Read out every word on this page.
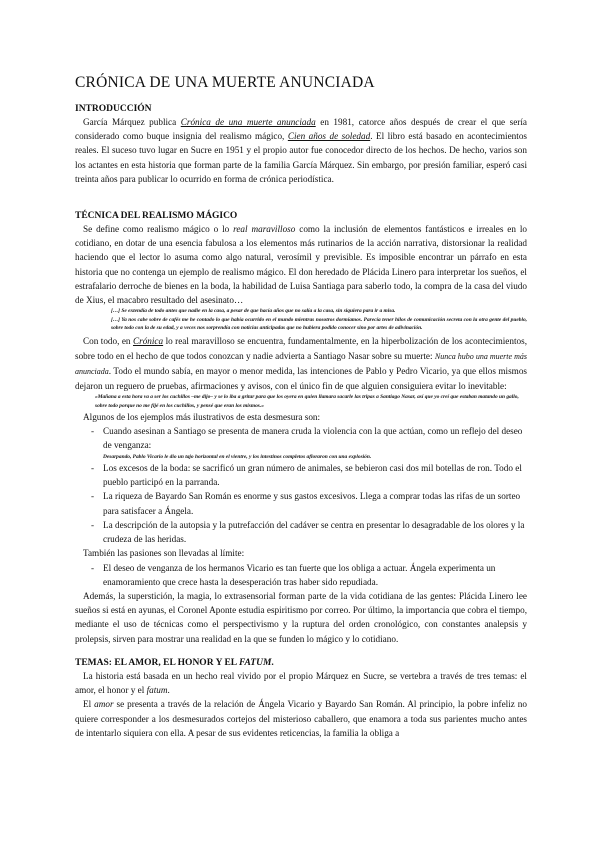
CRÓNICA DE UNA MUERTE ANUNCIADA
INTRODUCCIÓN

García Márquez publica Crónica de una muerte anunciada en 1981, catorce años después de crear el que sería considerado como buque insignia del realismo mágico, Cien años de soledad. El libro está basado en acontecimientos reales. El suceso tuvo lugar en Sucre en 1951 y el propio autor fue conocedor directo de los hechos. De hecho, varios son los actantes en esta historia que forman parte de la familia García Márquez. Sin embargo, por presión familiar, esperó casi treinta años para publicar lo ocurrido en forma de crónica periodística.

TÉCNICA DEL REALISMO MÁGICO

Se define como realismo mágico o lo real maravilloso como la inclusión de elementos fantásticos e irreales en lo cotidiano, en dotar de una esencia fabulosa a los elementos más rutinarios de la acción narrativa, distorsionar la realidad haciendo que el lector lo asuma como algo natural, verosímil y previsible. Es imposible encontrar un párrafo en esta historia que no contenga un ejemplo de realismo mágico. El don heredado de Plácida Linero para interpretar los sueños, el estrafalario derroche de bienes en la boda, la habilidad de Luisa Santiaga para saberlo todo, la compra de la casa del viudo de Xius, el macabro resultado del asesinato…

[…] Se extendía de todo antes que nadie en la casa, a pesar de que hacía años que no salía a la casa, sin siquiera para ir a misa.
[…] Ya nos cabe sobre de cafés me he contado lo que había ocurrido en el mundo mientras nosotros dormíamos. Parecía tener hilos de comunicación secreta con la otra gente del pueblo, sobre todo con la de su edad, y a veces nos sorprendía con noticias anticipadas que no hubiera podido conocer sino por artes de adivinación.

Con todo, en Crónica lo real maravilloso se encuentra, fundamentalmente, en la hiperbolización de los acontecimientos, sobre todo en el hecho de que todos conozcan y nadie advierta a Santiago Nasar sobre su muerte: Nunca hubo una muerte más anunciada. Todo el mundo sabía, en mayor o menor medida, las intenciones de Pablo y Pedro Vicario, ya que ellos mismos dejaron un reguero de pruebas, afirmaciones y avisos, con el único fin de que alguien consiguiera evitar lo inevitable:

«Mañana a esta hora va a ser los cuchillos –me dijo– y se lo iba a gritar para que los oyera en quien llamara sacarle las tripas a Santiago Nasar, así que yo creí que estaban matando un gallo, sobre todo porque no me fijé en los cuchillos, y pensé que eran los mismos.»

Algunos de los ejemplos más ilustrativos de esta desmesura son:

- Cuando asesinan a Santiago se presenta de manera cruda la violencia con la que actúan, como un reflejo del deseo de venganza:
Desarpando, Pablo Vicario le dio un tajo horizontal en el vientre, y los intestinos completos afloraron con una explosión.
- Los excesos de la boda: se sacrificó un gran número de animales, se bebieron casi dos mil botellas de ron. Todo el pueblo participó en la parranda.
- La riqueza de Bayardo San Román es enorme y sus gastos excesivos. Llega a comprar todas las rifas de un sorteo para satisfacer a Ángela.
- La descripción de la autopsia y la putrefacción del cadáver se centra en presentar lo desagradable de los olores y la crudeza de las heridas.

También las pasiones son llevadas al límite:

- El deseo de venganza de los hermanos Vicario es tan fuerte que los obliga a actuar. Ángela experimenta un enamoramiento que crece hasta la desesperación tras haber sido repudiada.

Además, la superstición, la magia, lo extrasensorial forman parte de la vida cotidiana de las gentes: Plácida Linero lee sueños si está en ayunas, el Coronel Aponte estudia espiritismo por correo. Por último, la importancia que cobra el tiempo, mediante el uso de técnicas como el perspectivismo y la ruptura del orden cronológico, con constantes analepsis y prolepsis, sirven para mostrar una realidad en la que se funden lo mágico y lo cotidiano.

TEMAS: EL AMOR, EL HONOR Y EL FATUM.

La historia está basada en un hecho real vivido por el propio Márquez en Sucre, se vertebra a través de tres temas: el amor, el honor y el fatum.

El amor se presenta a través de la relación de Ángela Vicario y Bayardo San Román. Al principio, la pobre infeliz no quiere corresponder a los desmesurados cortejos del misterioso caballero, que enamora a toda sus parientes mucho antes de intentarlo siquiera con ella. A pesar de sus evidentes reticencias, la familia la obliga a
